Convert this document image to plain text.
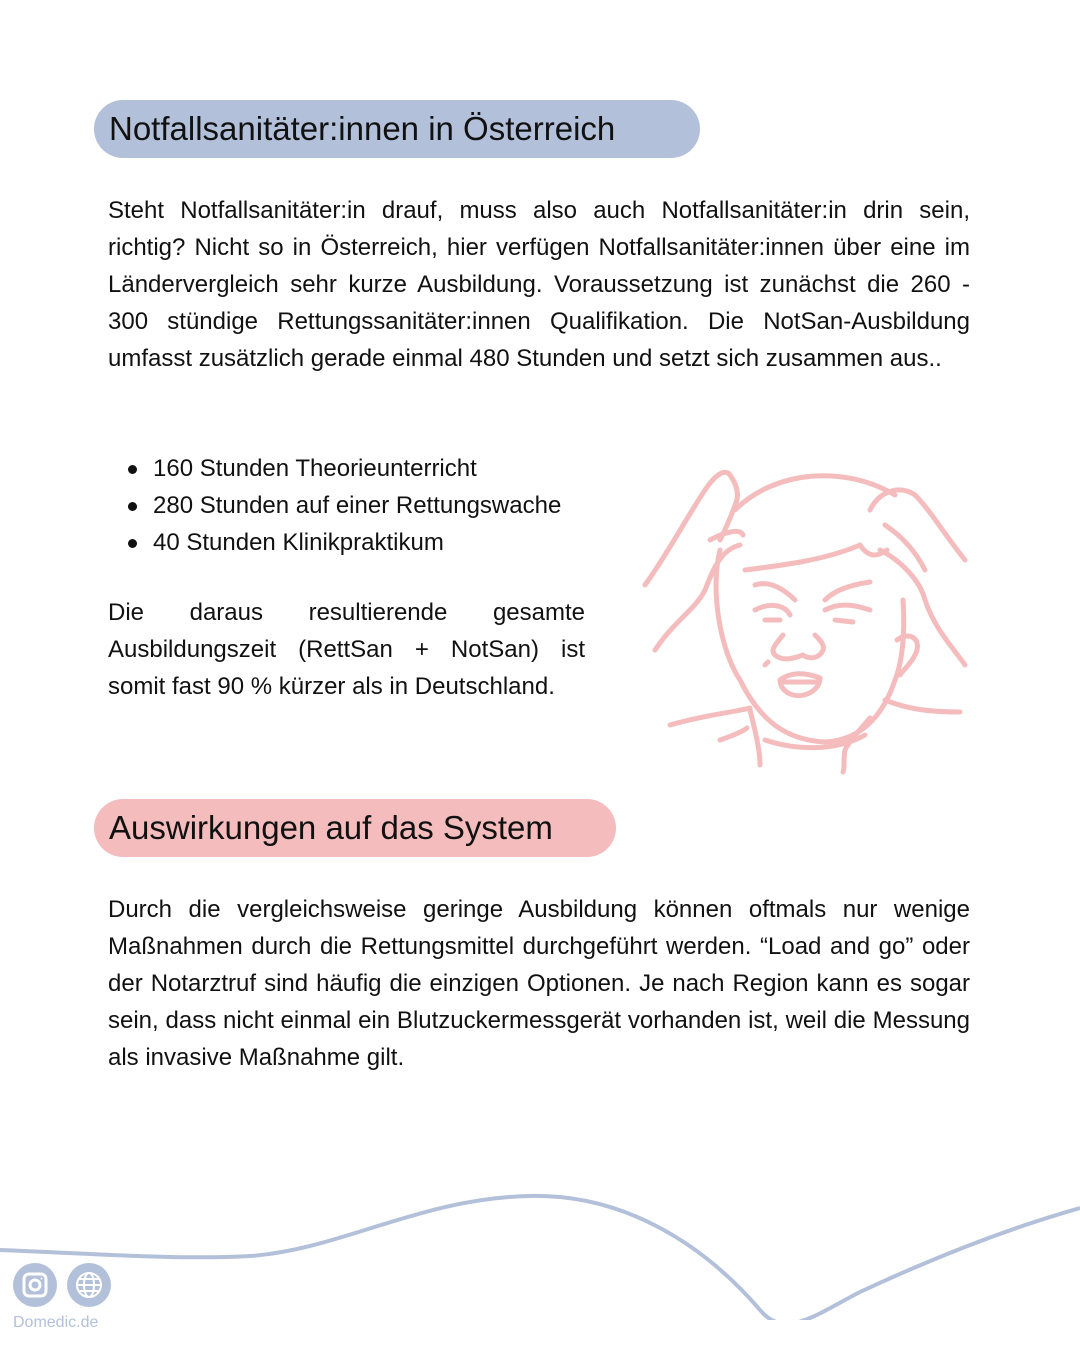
Notfallsanitäter:innen in Österreich

Steht Notfallsanitäter:in drauf, muss also auch Notfallsanitäter:in drin sein, richtig? Nicht so in Österreich, hier verfügen Notfallsanitäter:innen über eine im Ländervergleich sehr kurze Ausbildung. Voraussetzung ist zunächst die 260 - 300 stündige Rettungssanitäter:innen Qualifikation. Die NotSan-Ausbildung umfasst zusätzlich gerade einmal 480 Stunden und setzt sich zusammen aus..

160 Stunden Theorieunterricht
280 Stunden auf einer Rettungswache
40 Stunden Klinikpraktikum

Die daraus resultierende gesamte Ausbildungszeit (RettSan + NotSan) ist somit fast 90 % kürzer als in Deutschland.

Auswirkungen auf das System

Durch die vergleichsweise geringe Ausbildung können oftmals nur wenige Maßnahmen durch die Rettungsmittel durchgeführt werden. “Load and go” oder der Notarztruf sind häufig die einzigen Optionen. Je nach Region kann es sogar sein, dass nicht einmal ein Blutzuckermessgerät vorhanden ist, weil die Messung als invasive Maßnahme gilt.

Domedic.de
